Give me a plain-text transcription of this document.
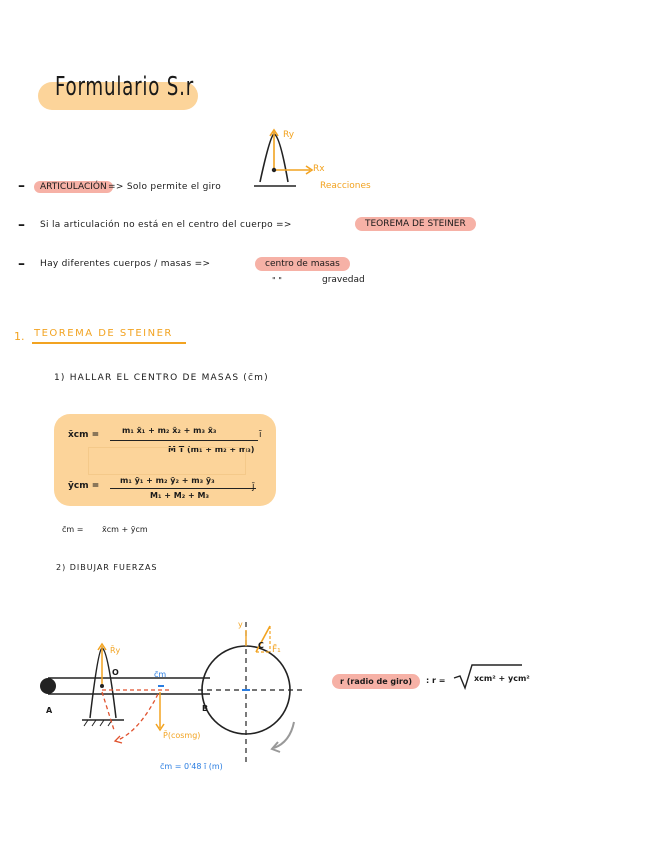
Formulario S.r
Ry
Rx
Reacciones
–	ARTICULACIÓN => Solo permite el giro
– Si la articulación no está en el centro del cuerpo =>	TEOREMA DE STEINER
– Hay diferentes cuerpos / masas =>	centro de masas
" "	gravedad
1. TEOREMA DE STEINER
1) HALLAR EL CENTRO DE MASAS (c̄m)
x̄cm =	m₁ x̄₁ + m₂ x̄₂ + m₃ x̄₃
M T (m₁ + m₂ + m₃)
ī
ȳcm =
m₁ ȳ₁ + m₂ ȳ₂ + m₃ ȳ₃
M₁ + M₂ + M₃
j̄
c̄m = x̄cm + ȳcm
2) DIBUJAR FUERZAS
F̄₁
y
C
R̄y
O
A	B
c̄m
P̄(cosmg)
c̄m = 0'48 ī (m)
r (radio de giro)	: r =	xcm² + ycm²
